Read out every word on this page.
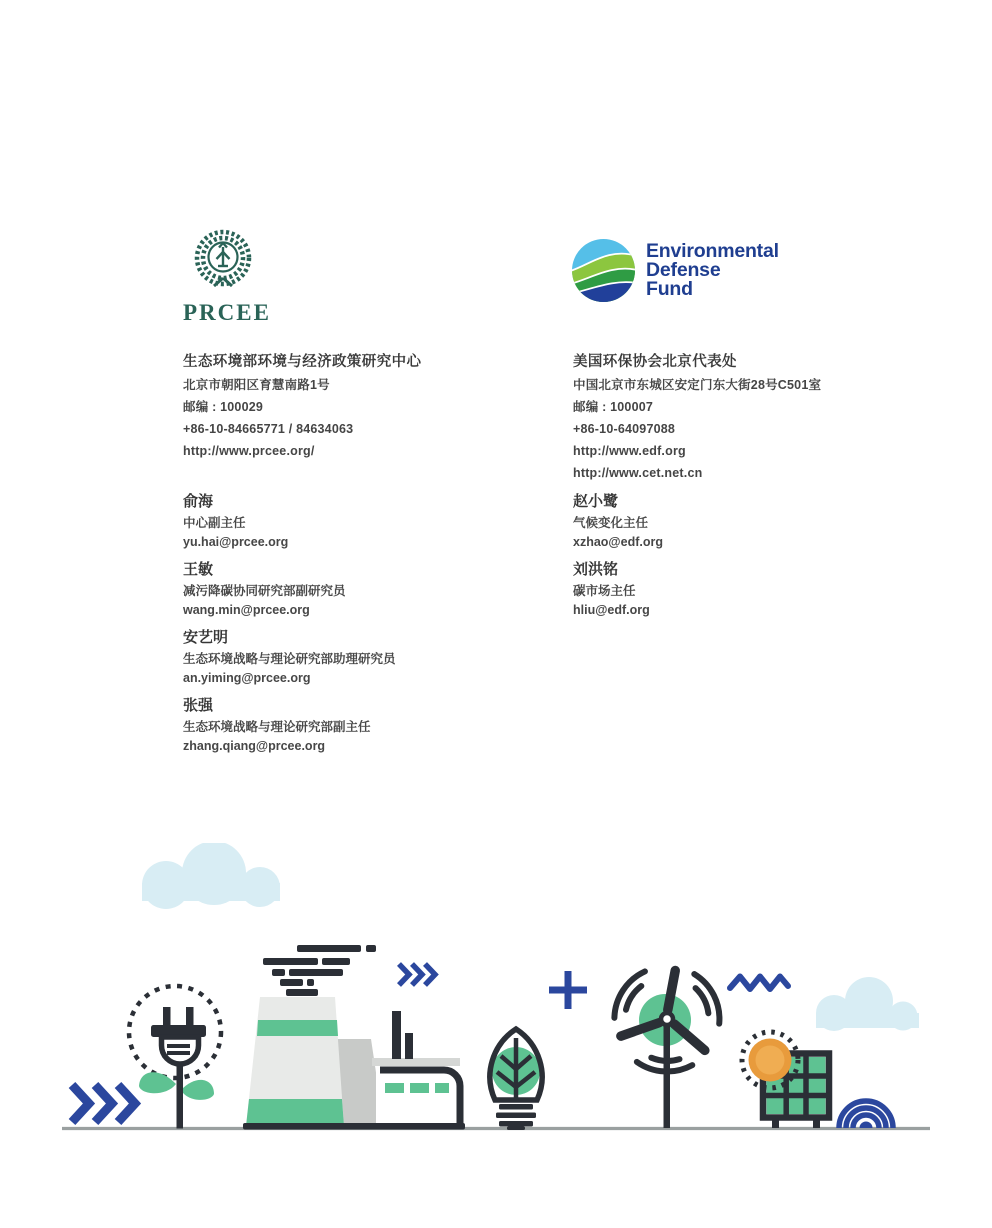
PRCEE
Environmental
Defense
Fund
生态环境部环境与经济政策研究中心
北京市朝阳区育慧南路1号
邮编 : 100029
+86-10-84665771 / 84634063
http://www.prcee.org/
美国环保协会北京代表处
中国北京市东城区安定门东大街28号C501室
邮编 : 100007
+86-10-64097088
http://www.edf.org
http://www.cet.net.cn
俞海
中心副主任
yu.hai@prcee.org
王敏
减污降碳协同研究部副研究员
wang.min@prcee.org
安艺明
生态环境战略与理论研究部助理研究员
an.yiming@prcee.org
张强
生态环境战略与理论研究部副主任
zhang.qiang@prcee.org
赵小鹭
气候变化主任
xzhao@edf.org
刘洪铭
碳市场主任
hliu@edf.org
